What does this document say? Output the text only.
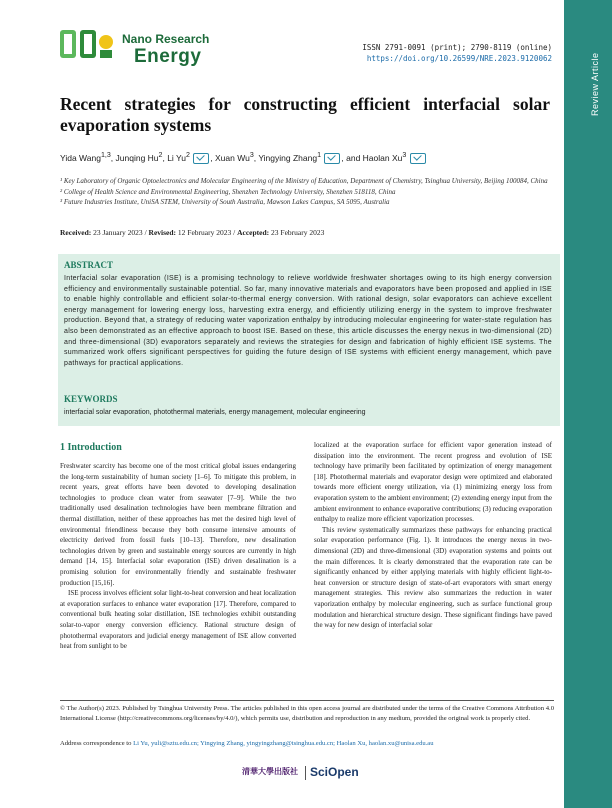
Review Article
Nano Research
Energy	ISSN 2791-0091 (print); 2790-8119 (online)
https://doi.org/10.26599/NRE.2023.9120062
Recent strategies for constructing efficient interfacial solar evaporation systems
Yida Wang$^{1,3}$, Junqing Hu$^2$, Li Yu$^2$ , Xuan Wu$^3$, Yingying Zhang$^1$ , and Haolan Xu$^3$
¹ Key Laboratory of Organic Optoelectronics and Molecular Engineering of the Ministry of Education, Department of Chemistry, Tsinghua University, Beijing 100084, China
² College of Health Science and Environmental Engineering, Shenzhen Technology University, Shenzhen 518118, China
³ Future Industries Institute, UniSA STEM, University of South Australia, Mawson Lakes Campus, SA 5095, Australia
Received: 23 January 2023 / Revised: 12 February 2023 / Accepted: 23 February 2023
ABSTRACT
Interfacial solar evaporation (ISE) is a promising technology to relieve worldwide freshwater shortages owing to its high energy conversion efficiency and environmentally sustainable potential. So far, many innovative materials and evaporators have been proposed and applied in ISE to enable highly controllable and efficient solar-to-thermal energy conversion. With rational design, solar evaporators can achieve excellent energy management for lowering energy loss, harvesting extra energy, and efficiently utilizing energy in the system to improve freshwater production. Beyond that, a strategy of reducing water vaporization enthalpy by introducing molecular engineering for water-state regulation has also been demonstrated as an effective approach to boost ISE. Based on these, this article discusses the energy nexus in two-dimensional (2D) and three-dimensional (3D) evaporators separately and reviews the strategies for design and fabrication of highly efficient ISE systems. The summarized work offers significant perspectives for guiding the future design of ISE systems with efficient energy management, which pave pathways for practical applications.
KEYWORDS
interfacial solar evaporation, photothermal materials, energy management, molecular engineering
1 Introduction

Freshwater scarcity has become one of the most critical global issues endangering the long-term sustainability of human society [1–6]. To mitigate this problem, in recent years, great efforts have been devoted to developing desalination technologies to produce clean water from seawater [7–9]. While the two traditionally used desalination technologies have been membrane filtration and thermal distillation, neither of these approaches has met the desired high level of environmental friendliness because they both consume intensive amounts of electricity derived from fossil fuels [10–13]. Therefore, new desalination technologies driven by green and sustainable energy sources are currently in high demand [14, 15]. Interfacial solar evaporation (ISE) driven desalination is a promising solution for environmentally friendly and sustainable freshwater production [15,16].

ISE process involves efficient solar light-to-heat conversion and heat localization at evaporation surfaces to enhance water evaporation [17]. Therefore, compared to conventional bulk heating solar distillation, ISE technologies exhibit outstanding solar-to-vapor energy conversion efficiency. Rational structure design of photothermal evaporators and judicial energy management of ISE allow converted heat from sunlight to be

localized at the evaporation surface for efficient vapor generation instead of dissipation into the environment. The recent progress and evolution of ISE technology have primarily been facilitated by optimization of energy management [18]. Photothermal materials and evaporator design were optimized and elaborated towards more efficient energy utilization, via (1) minimizing energy loss from evaporation system to the ambient environment; (2) extending energy input from the ambient environment to enhance evaporative contributions; (3) reducing evaporation enthalpy to realize more efficient vaporization processes.

This review systematically summarizes these pathways for enhancing practical solar evaporation performance (Fig. 1). It introduces the energy nexus in two-dimensional (2D) and three-dimensional (3D) evaporation systems and points out the main differences. It is clearly demonstrated that the evaporation rate can be significantly enhanced by either applying materials with highly efficient light-to-heat conversion or structure design of state-of-art evaporators with smart energy management strategies. This review also summarizes the reduction in water vaporization enthalpy by molecular engineering, such as surface functional group modulation and hierarchical structure design. These significant findings have paved the way for new design of interfacial solar

© The Author(s) 2023. Published by Tsinghua University Press. The articles published in this open access journal are distributed under the terms of the Creative Commons Attribution 4.0 International License (http://creativecommons.org/licenses/by/4.0/), which permits use, distribution and reproduction in any medium, provided the original work is properly cited.
Address correspondence to Li Yu, yuli@sztu.edu.cn; Yingying Zhang, yingyingzhang@tsinghua.edu.cn; Haolan Xu, haolan.xu@unisa.edu.au
清華大學出版社 SciOpen
